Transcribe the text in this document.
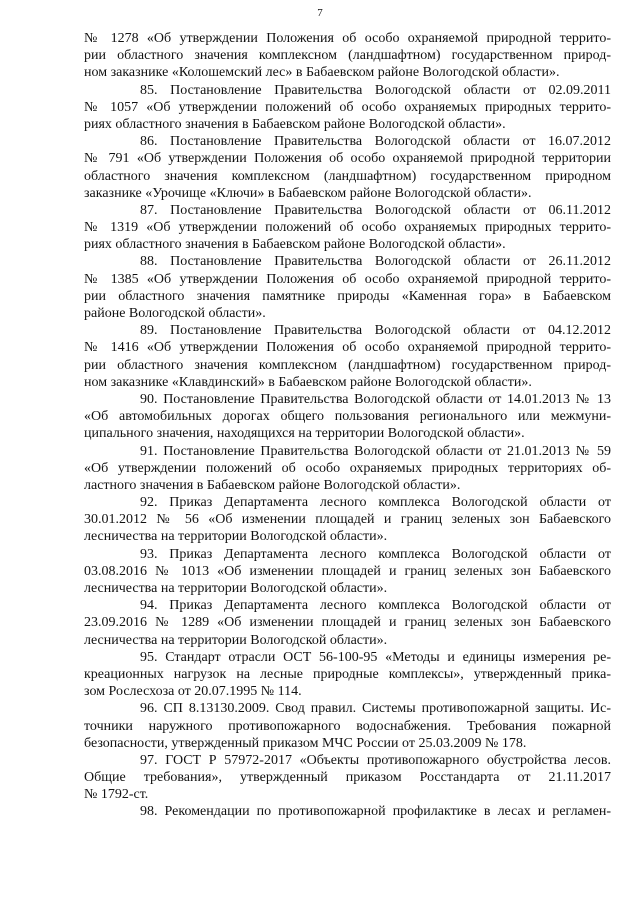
7
№ 1278 «Об утверждении Положения об особо охраняемой природной террито-
рии областного значения комплексном (ландшафтном) государственном природ-
ном заказнике «Колошемский лес» в Бабаевском районе Вологодской области».
85. Постановление Правительства Вологодской области от 02.09.2011
№ 1057 «Об утверждении положений об особо охраняемых природных террито-
риях областного значения в Бабаевском районе Вологодской области».
86. Постановление Правительства Вологодской области от 16.07.2012
№ 791 «Об утверждении Положения об особо охраняемой природной территории
областного значения комплексном (ландшафтном) государственном природном
заказнике «Урочище «Ключи» в Бабаевском районе Вологодской области».
87. Постановление Правительства Вологодской области от 06.11.2012
№ 1319 «Об утверждении положений об особо охраняемых природных террито-
риях областного значения в Бабаевском районе Вологодской области».
88. Постановление Правительства Вологодской области от 26.11.2012
№ 1385 «Об утверждении Положения об особо охраняемой природной террито-
рии областного значения памятнике природы «Каменная гора» в Бабаевском
районе Вологодской области».
89. Постановление Правительства Вологодской области от 04.12.2012
№ 1416 «Об утверждении Положения об особо охраняемой природной террито-
рии областного значения комплексном (ландшафтном) государственном природ-
ном заказнике «Клавдинский» в Бабаевском районе Вологодской области».
90. Постановление Правительства Вологодской области от 14.01.2013 № 13
«Об автомобильных дорогах общего пользования регионального или межмуни-
ципального значения, находящихся на территории Вологодской области».
91. Постановление Правительства Вологодской области от 21.01.2013 № 59
«Об утверждении положений об особо охраняемых природных территориях об-
ластного значения в Бабаевском районе Вологодской области».
92. Приказ Департамента лесного комплекса Вологодской области от
30.01.2012 № 56 «Об изменении площадей и границ зеленых зон Бабаевского
лесничества на территории Вологодской области».
93. Приказ Департамента лесного комплекса Вологодской области от
03.08.2016 № 1013 «Об изменении площадей и границ зеленых зон Бабаевского
лесничества на территории Вологодской области».
94. Приказ Департамента лесного комплекса Вологодской области от
23.09.2016 № 1289 «Об изменении площадей и границ зеленых зон Бабаевского
лесничества на территории Вологодской области».
95. Стандарт отрасли ОСТ 56-100-95 «Методы и единицы измерения ре-
креационных нагрузок на лесные природные комплексы», утвержденный прика-
зом Рослесхоза от 20.07.1995 № 114.
96. СП 8.13130.2009. Свод правил. Системы противопожарной защиты. Ис-
точники наружного противопожарного водоснабжения. Требования пожарной
безопасности, утвержденный приказом МЧС России от 25.03.2009 № 178.
97. ГОСТ Р 57972-2017 «Объекты противопожарного обустройства лесов.
Общие требования», утвержденный приказом Росстандарта от 21.11.2017
№ 1792-ст.
98. Рекомендации по противопожарной профилактике в лесах и регламен-
